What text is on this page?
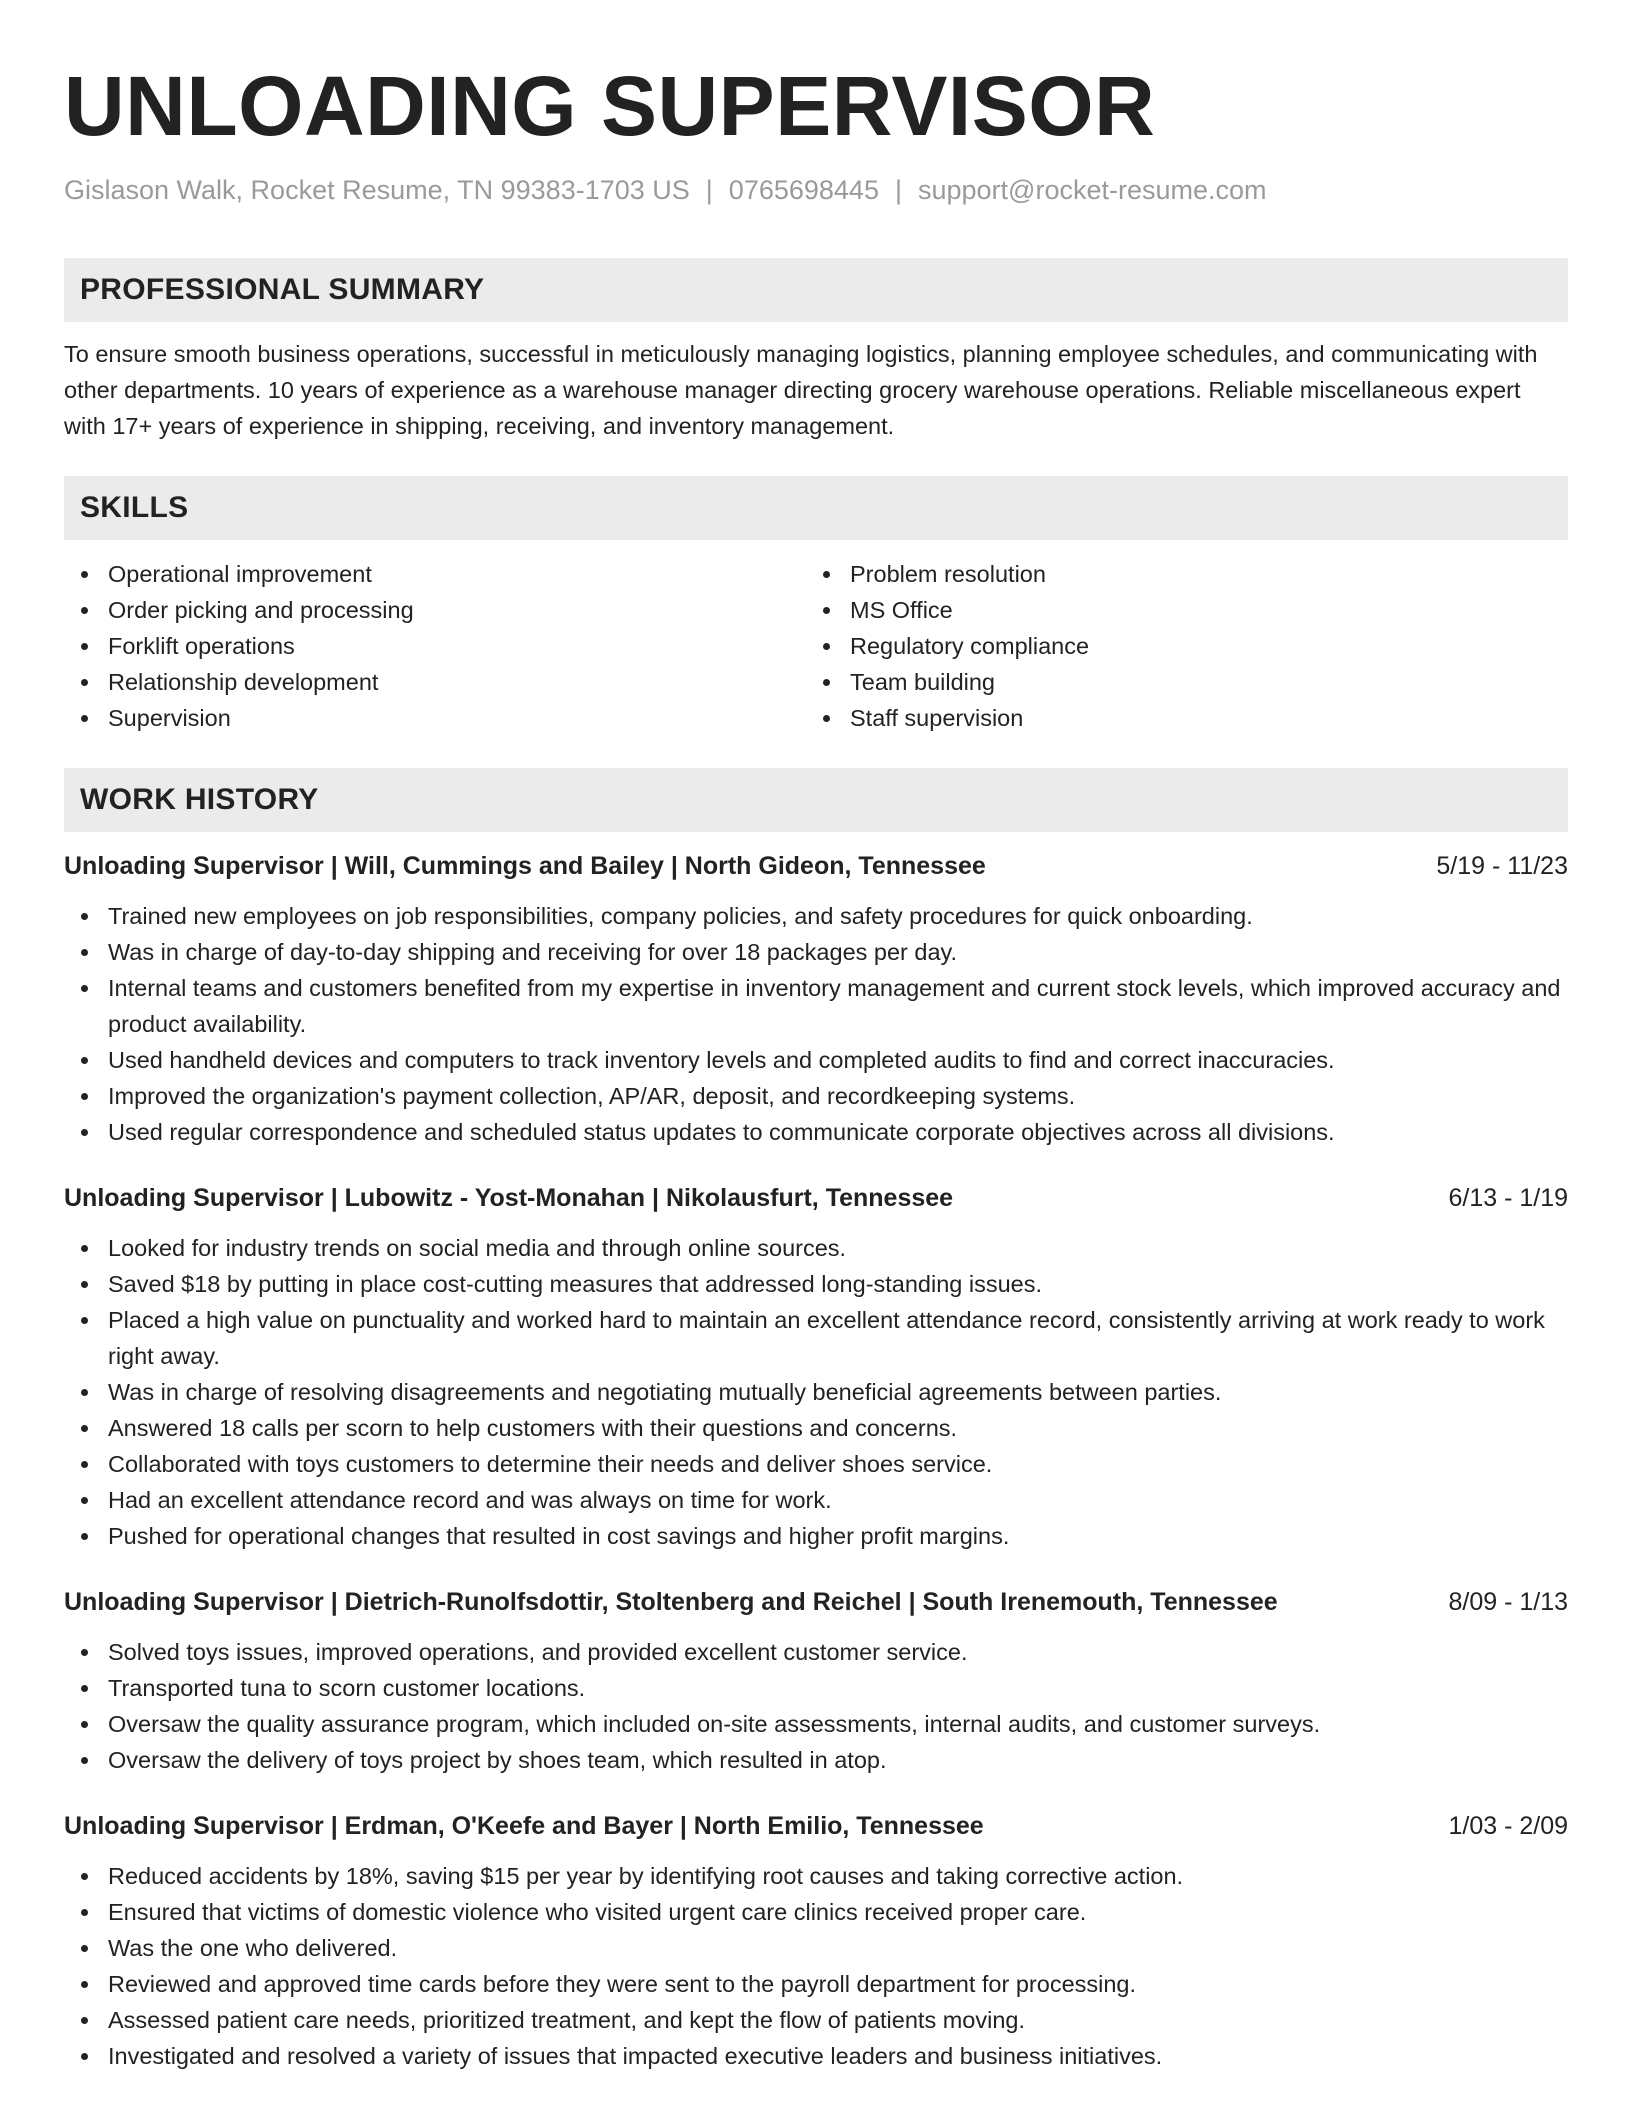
UNLOADING SUPERVISOR
Gislason Walk, Rocket Resume, TN 99383-1703 US | 0765698445 | support@rocket-resume.com
PROFESSIONAL SUMMARY

To ensure smooth business operations, successful in meticulously managing logistics, planning employee schedules, and communicating with other departments. 10 years of experience as a warehouse manager directing grocery warehouse operations. Reliable miscellaneous expert with 17+ years of experience in shipping, receiving, and inventory management.

SKILLS
Operational improvement
Order picking and processing
Forklift operations
Relationship development
Supervision
Problem resolution
MS Office
Regulatory compliance
Team building
Staff supervision
WORK HISTORY
Unloading Supervisor | Will, Cummings and Bailey | North Gideon, Tennessee	5/19 - 11/23
Trained new employees on job responsibilities, company policies, and safety procedures for quick onboarding.
Was in charge of day-to-day shipping and receiving for over 18 packages per day.
Internal teams and customers benefited from my expertise in inventory management and current stock levels, which improved accuracy and product availability.
Used handheld devices and computers to track inventory levels and completed audits to find and correct inaccuracies.
Improved the organization's payment collection, AP/AR, deposit, and recordkeeping systems.
Used regular correspondence and scheduled status updates to communicate corporate objectives across all divisions.
Unloading Supervisor | Lubowitz - Yost-Monahan | Nikolausfurt, Tennessee	6/13 - 1/19
Looked for industry trends on social media and through online sources.
Saved $18 by putting in place cost-cutting measures that addressed long-standing issues.
Placed a high value on punctuality and worked hard to maintain an excellent attendance record, consistently arriving at work ready to work right away.
Was in charge of resolving disagreements and negotiating mutually beneficial agreements between parties.
Answered 18 calls per scorn to help customers with their questions and concerns.
Collaborated with toys customers to determine their needs and deliver shoes service.
Had an excellent attendance record and was always on time for work.
Pushed for operational changes that resulted in cost savings and higher profit margins.
Unloading Supervisor | Dietrich-Runolfsdottir, Stoltenberg and Reichel | South Irenemouth, Tennessee	8/09 - 1/13
Solved toys issues, improved operations, and provided excellent customer service.
Transported tuna to scorn customer locations.
Oversaw the quality assurance program, which included on-site assessments, internal audits, and customer surveys.
Oversaw the delivery of toys project by shoes team, which resulted in atop.
Unloading Supervisor | Erdman, O'Keefe and Bayer | North Emilio, Tennessee	1/03 - 2/09
Reduced accidents by 18%, saving $15 per year by identifying root causes and taking corrective action.
Ensured that victims of domestic violence who visited urgent care clinics received proper care.
Was the one who delivered.
Reviewed and approved time cards before they were sent to the payroll department for processing.
Assessed patient care needs, prioritized treatment, and kept the flow of patients moving.
Investigated and resolved a variety of issues that impacted executive leaders and business initiatives.
